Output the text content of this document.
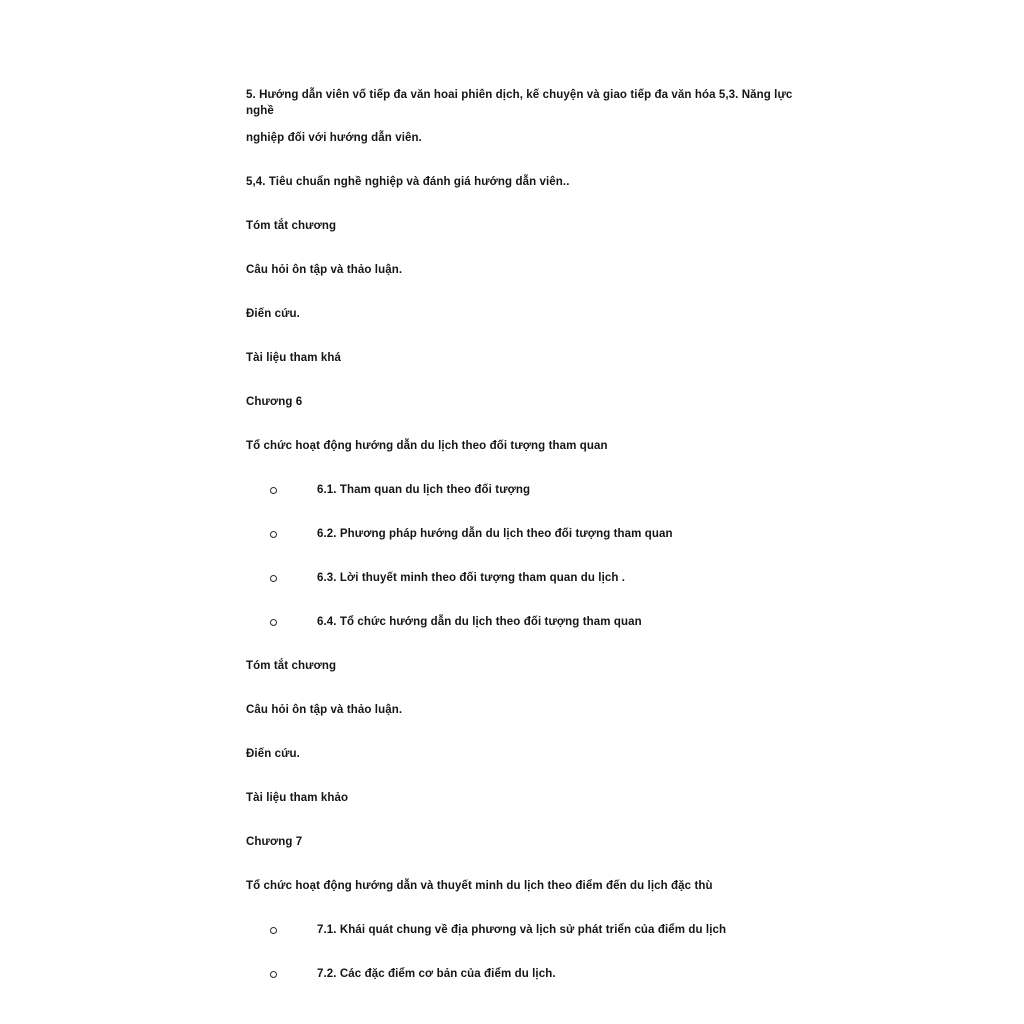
5. Hướng dẫn viên vố tiếp đa văn hoai phiên dịch, kế chuyện và giao tiếp đa văn hóa 5,3. Năng lực nghề

nghiệp đối với hướng dẫn viên.

5,4. Tiêu chuẩn nghề nghiệp và đánh giá hướng dẫn viên..

Tóm tắt chương

Câu hỏi ôn tập và thảo luận.

Điến cứu.

Tài liệu tham khá

Chương 6

Tổ chức hoạt động hướng dẫn du lịch theo đối tượng tham quan

6.1. Tham quan du lịch theo đối tượng
6.2. Phương pháp hướng dẫn du lịch theo đối tượng tham quan
6.3. Lời thuyết minh theo đối tượng tham quan du lịch .
6.4. Tổ chức hướng dẫn du lịch theo đối tượng tham quan

Tóm tắt chương

Câu hỏi ôn tập và thảo luận.

Điến cứu.

Tài liệu tham khảo

Chương 7

Tổ chức hoạt động hướng dẫn và thuyết minh du lịch theo điểm đến du lịch đặc thù

7.1. Khái quát chung về địa phương và lịch sử phát triển của điểm du lịch
7.2. Các đặc điểm cơ bản của điểm du lịch.
